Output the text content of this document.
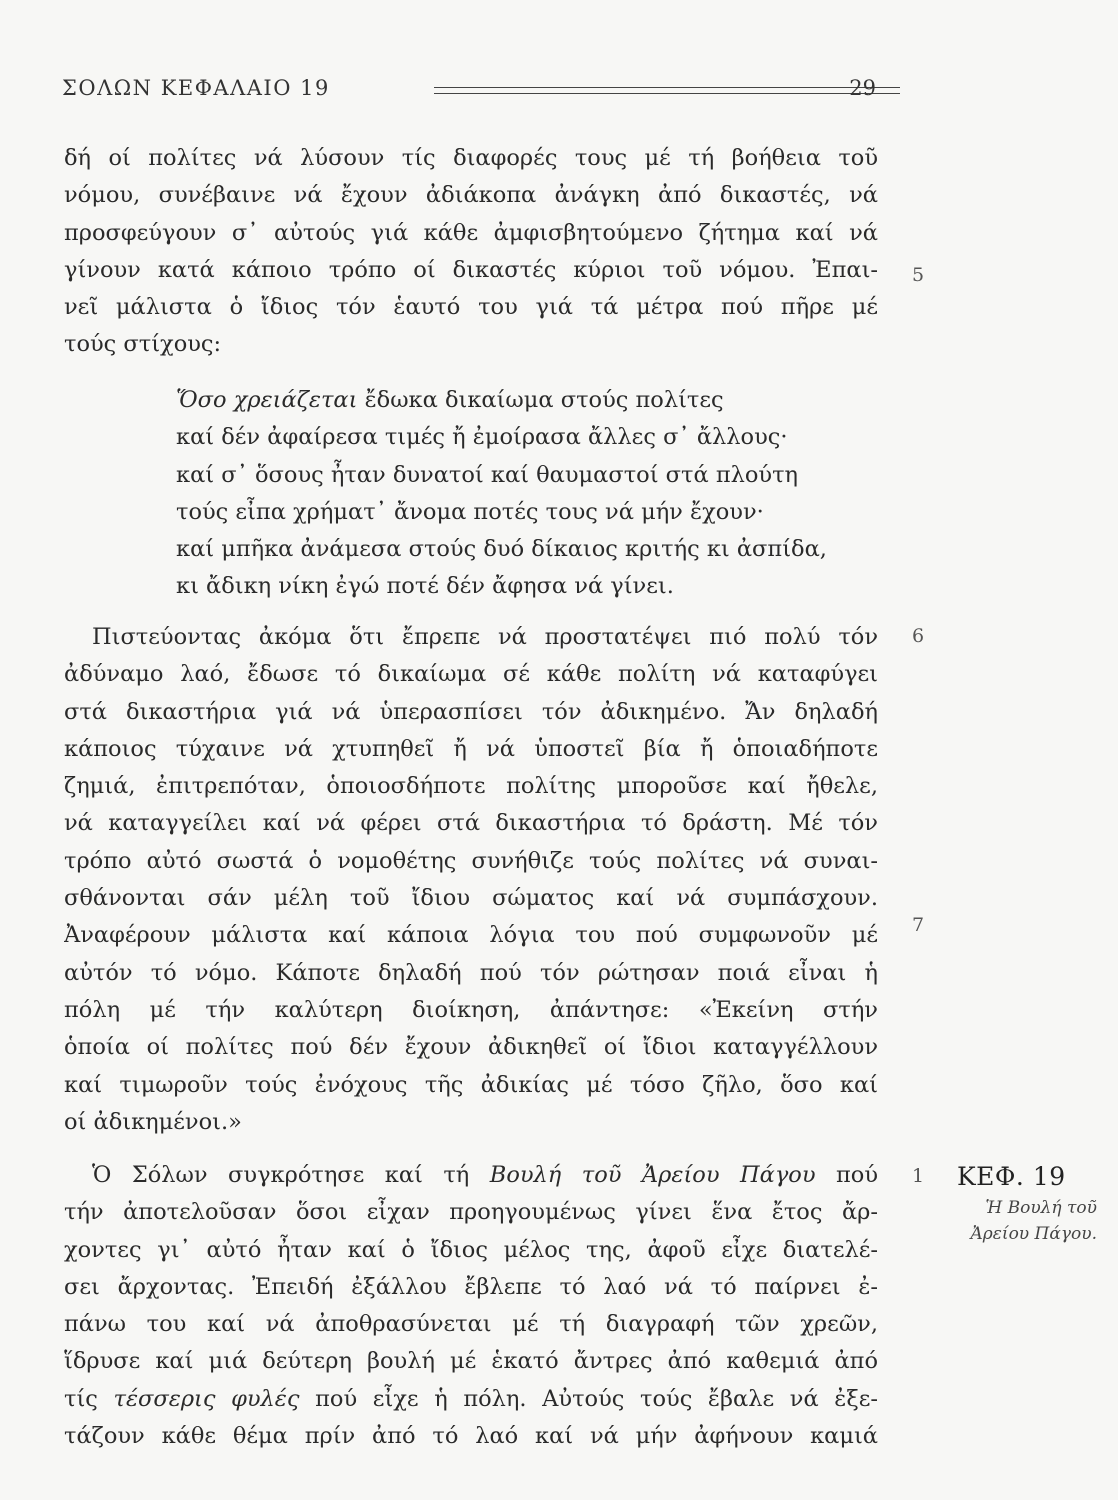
ΣΟΛΩΝ ΚΕΦΑΛΑΙΟ 19	29
δή οί πολίτες νά λύσουν τίς διαφορές τους μέ τή βοήθεια τοῦ
νόμου, συνέβαινε νά ἔχουν ἀδιάκοπα ἀνάγκη ἀπό δικαστές, νά
προσφεύγουν σ᾽ αὐτούς γιά κάθε ἀμφισβητούμενο ζήτημα καί νά
γίνουν κατά κάποιο τρόπο οί δικαστές κύριοι τοῦ νόμου. Ἐπαι-
νεῖ μάλιστα ὁ ἴδιος τόν ἑαυτό του γιά τά μέτρα πού πῆρε μέ
τούς στίχους:
Ὅσο χρειάζεται ἔδωκα δικαίωμα στούς πολίτες
καί δέν ἀφαίρεσα τιμές ἤ ἐμοίρασα ἄλλες σ᾽ ἄλλους·
καί σ᾽ ὅσους ἦταν δυνατοί καί θαυμαστοί στά πλούτη
τούς εἶπα χρήματ᾽ ἄνομα ποτές τους νά μήν ἔχουν·
καί μπῆκα ἀνάμεσα στούς δυό δίκαιος κριτής κι ἀσπίδα,
κι ἄδικη νίκη ἐγώ ποτέ δέν ἄφησα νά γίνει.
Πιστεύοντας ἀκόμα ὅτι ἔπρεπε νά προστατέψει πιό πολύ τόν
ἀδύναμο λαό, ἔδωσε τό δικαίωμα σέ κάθε πολίτη νά καταφύγει
στά δικαστήρια γιά νά ὑπερασπίσει τόν ἀδικημένο. Ἄν δηλαδή
κάποιος τύχαινε νά χτυπηθεῖ ἤ νά ὑποστεῖ βία ἤ ὁποιαδήποτε
ζημιά, ἐπιτρεπόταν, ὁποιοσδήποτε πολίτης μποροῦσε καί ἤθελε,
νά καταγγείλει καί νά φέρει στά δικαστήρια τό δράστη. Μέ τόν
τρόπο αὐτό σωστά ὁ νομοθέτης συνήθιζε τούς πολίτες νά συναι-
σθάνονται σάν μέλη τοῦ ἴδιου σώματος καί νά συμπάσχουν.
Ἀναφέρουν μάλιστα καί κάποια λόγια του πού συμφωνοῦν μέ
αὐτόν τό νόμο. Κάποτε δηλαδή πού τόν ρώτησαν ποιά εἶναι ἡ
πόλη μέ τήν καλύτερη διοίκηση, ἀπάντησε: «Ἐκείνη στήν
ὁποία οί πολίτες πού δέν ἔχουν ἀδικηθεῖ οί ἴδιοι καταγγέλλουν
καί τιμωροῦν τούς ἐνόχους τῆς ἀδικίας μέ τόσο ζῆλο, ὅσο καί
οί ἀδικημένοι.»
Ὁ Σόλων συγκρότησε καί τή Βουλή τοῦ Ἀρείου Πάγου πού
τήν ἀποτελοῦσαν ὅσοι εἶχαν προηγουμένως γίνει ἕνα ἔτος ἄρ-
χοντες γι᾽ αὐτό ἦταν καί ὁ ἴδιος μέλος της, ἀφοῦ εἶχε διατελέ-
σει ἄρχοντας. Ἐπειδή ἐξάλλου ἔβλεπε τό λαό νά τό παίρνει ἐ-
πάνω του καί νά ἀποθρασύνεται μέ τή διαγραφή τῶν χρεῶν,
ἵδρυσε καί μιά δεύτερη βουλή μέ ἑκατό ἄντρες ἀπό καθεμιά ἀπό
τίς τέσσερις φυλές πού εἶχε ἡ πόλη. Αὐτούς τούς ἔβαλε νά ἐξε-
τάζουν κάθε θέμα πρίν ἀπό τό λαό καί νά μήν ἀφήνουν καμιά
5
6
7
1 ΚΕΦ. 19
Ἡ Βουλή τοῦ
Ἀρείου Πάγου.
